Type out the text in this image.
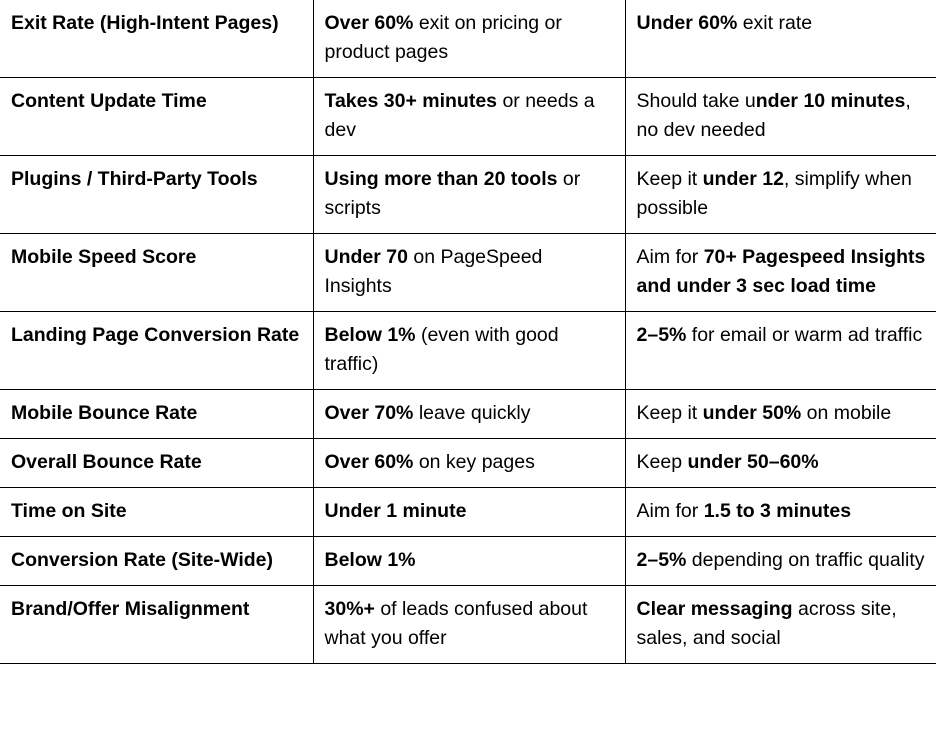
Exit Rate (High-Intent Pages)	Over 60% exit on pricing or product pages	Under 60% exit rate
Content Update Time	Takes 30+ minutes or needs a dev	Should take under 10 minutes, no dev needed
Plugins / Third-Party Tools	Using more than 20 tools or scripts	Keep it under 12, simplify when possible
Mobile Speed Score	Under 70 on PageSpeed Insights	Aim for 70+ Pagespeed Insights and under 3 sec load time
Landing Page Conversion Rate	Below 1% (even with good traffic)	2–5% for email or warm ad traffic
Mobile Bounce Rate	Over 70% leave quickly	Keep it under 50% on mobile
Overall Bounce Rate	Over 60% on key pages	Keep under 50–60%
Time on Site	Under 1 minute	Aim for 1.5 to 3 minutes
Conversion Rate (Site-Wide)	Below 1%	2–5% depending on traffic quality
Brand/Offer Misalignment	30%+ of leads confused about what you offer	Clear messaging across site, sales, and social
